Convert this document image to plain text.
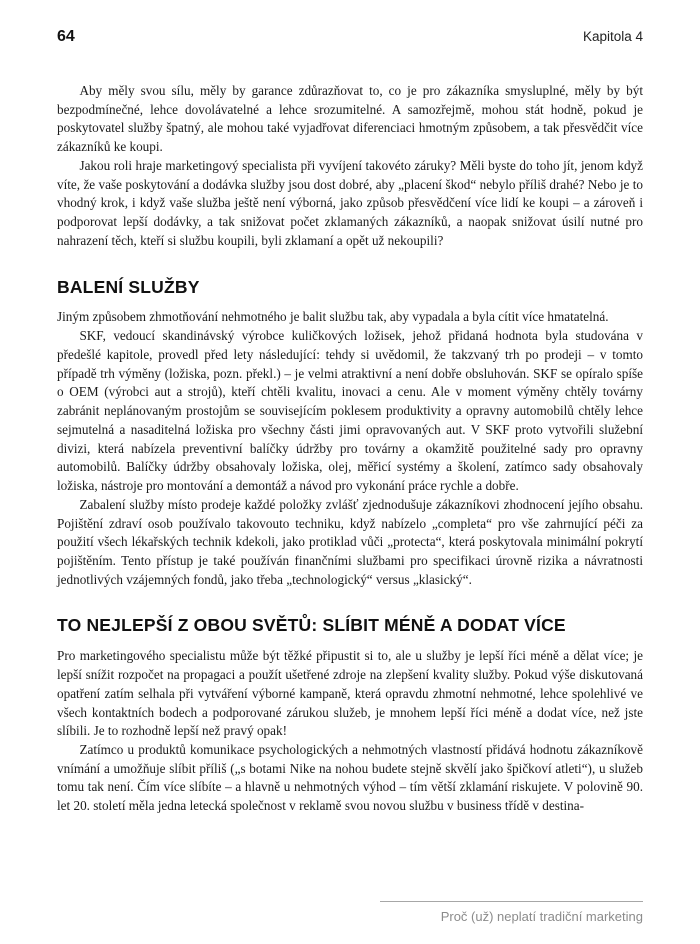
64	Kapitola 4

Aby měly svou sílu, měly by garance zdůrazňovat to, co je pro zákazníka smysluplné, měly by být bezpodmínečné, lehce dovolávatelné a lehce srozumitelné. A samozřejmě, mohou stát hodně, pokud je poskytovatel služby špatný, ale mohou také vyjadřovat diferenciaci hmotným způsobem, a tak přesvědčit více zákazníků ke koupi.

Jakou roli hraje marketingový specialista při vyvíjení takovéto záruky? Měli byste do toho jít, jenom když víte, že vaše poskytování a dodávka služby jsou dost dobré, aby „placení škod“ nebylo příliš drahé? Nebo je to vhodný krok, i když vaše služba ještě není výborná, jako způsob přesvědčení více lidí ke koupi – a zároveň i podporovat lepší dodávky, a tak snižovat počet zklamaných zákazníků, a naopak snižovat úsilí nutné pro nahrazení těch, kteří si službu koupili, byli zklamaní a opět už nekoupili?

BALENÍ SLUŽBY

Jiným způsobem zhmotňování nehmotného je balit službu tak, aby vypadala a byla cítit více hmatatelná.

SKF, vedoucí skandinávský výrobce kuličkových ložisek, jehož přidaná hodnota byla studována v předešlé kapitole, provedl před lety následující: tehdy si uvědomil, že takzvaný trh po prodeji – v tomto případě trh výměny (ložiska, pozn. překl.) – je velmi atraktivní a není dobře obsluhován. SKF se opíralo spíše o OEM (výrobci aut a strojů), kteří chtěli kvalitu, inovaci a cenu. Ale v moment výměny chtěly továrny zabránit neplánovaným prostojům se souvisejícím poklesem produktivity a opravny automobilů chtěly lehce sejmutelná a nasaditelná ložiska pro všechny části jimi opravovaných aut. V SKF proto vytvořili služební divizi, která nabízela preventivní balíčky údržby pro továrny a okamžitě použitelné sady pro opravny automobilů. Balíčky údržby obsahovaly ložiska, olej, měřicí systémy a školení, zatímco sady obsahovaly ložiska, nástroje pro montování a demontáž a návod pro vykonání práce rychle a dobře.

Zabalení služby místo prodeje každé položky zvlášť zjednodušuje zákazníkovi zhodnocení jejího obsahu. Pojištění zdraví osob používalo takovouto techniku, když nabízelo „completa“ pro vše zahrnující péči za použití všech lékařských technik kdekoli, jako protiklad vůči „protecta“, která poskytovala minimální pokrytí pojištěním. Tento přístup je také používán finančními službami pro specifikaci úrovně rizika a návratnosti jednotlivých vzájemných fondů, jako třeba „technologický“ versus „klasický“.

TO NEJLEPŠÍ Z OBOU SVĚTŮ: SLÍBIT MÉNĚ A DODAT VÍCE

Pro marketingového specialistu může být těžké připustit si to, ale u služby je lepší říci méně a dělat více; je lepší snížit rozpočet na propagaci a použít ušetřené zdroje na zlepšení kvality služby. Pokud výše diskutovaná opatření zatím selhala při vytváření výborné kampaně, která opravdu zhmotní nehmotné, lehce spolehlivé ve všech kontaktních bodech a podporované zárukou služeb, je mnohem lepší říci méně a dodat více, než jste slíbili. Je to rozhodně lepší než pravý opak!

Zatímco u produktů komunikace psychologických a nehmotných vlastností přidává hodnotu zákazníkově vnímání a umožňuje slíbit příliš („s botami Nike na nohou budete stejně skvělí jako špičkoví atleti“), u služeb tomu tak není. Čím více slíbíte – a hlavně u nehmotných výhod – tím větší zklamání riskujete. V polovině 90. let 20. století měla jedna letecká společnost v reklamě svou novou službu v business třídě v destina-

Proč (už) neplatí tradiční marketing
